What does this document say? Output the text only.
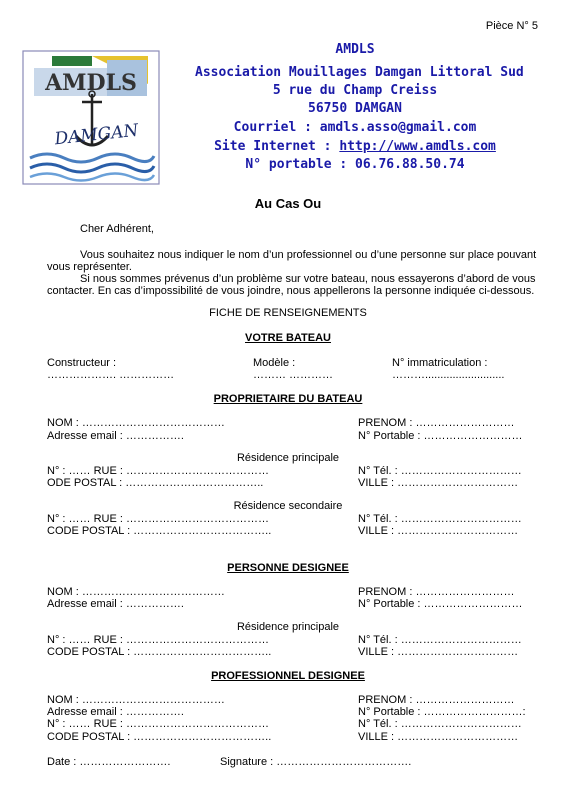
Pièce N° 5
AMDLS
DAMGAN
AMDLS
Association Mouillages Damgan Littoral Sud
5 rue du Champ Creiss
56750 DAMGAN
Courriel : amdls.asso@gmail.com
Site Internet : http://www.amdls.com
N° portable : 06.76.88.50.74
Au Cas Ou
Cher Adhérent,
Vous souhaitez nous indiquer le nom d’un professionnel ou d’une personne sur place pouvant
vous représenter.
Si nous sommes prévenus d’un problème sur votre bateau, nous essayerons d’abord de vous
contacter. En cas d’impossibilité de vous joindre, nous appellerons la personne indiquée ci-dessous.
FICHE DE RENSEIGNEMENTS
VOTRE BATEAU
Constructeur :
………………. ……………
Modèle :
……… …………
N° immatriculation :
………..........................
PROPRIETAIRE DU BATEAU
NOM : …………………………………	PRENOM : ………………………
Adresse email : …………….	N° Portable : ………………………
Résidence principale
N° : …… RUE : …………………………………	N° Tél. : ……………………………
ODE POSTAL : ………………………………..	VILLE : ……………………………
Résidence secondaire
N° : …… RUE : …………………………………	N° Tél. : ……………………………
CODE POSTAL : ………………………………..	VILLE : ……………………………
PERSONNE DESIGNEE
NOM : …………………………………	PRENOM : ………………………
Adresse email : …………….	N° Portable : ………………………
Résidence principale
N° : …… RUE : …………………………………	N° Tél. : ……………………………
CODE POSTAL : ………………………………..	VILLE : ……………………………
PROFESSIONNEL DESIGNEE
NOM : …………………………………	PRENOM : ………………………
Adresse email : …………….	N° Portable : ………………………:
N° : …… RUE : …………………………………	N° Tél. : ……………………………
CODE POSTAL : ………………………………..	VILLE : ……………………………
Date : …………………….	Signature : ……………………………….
